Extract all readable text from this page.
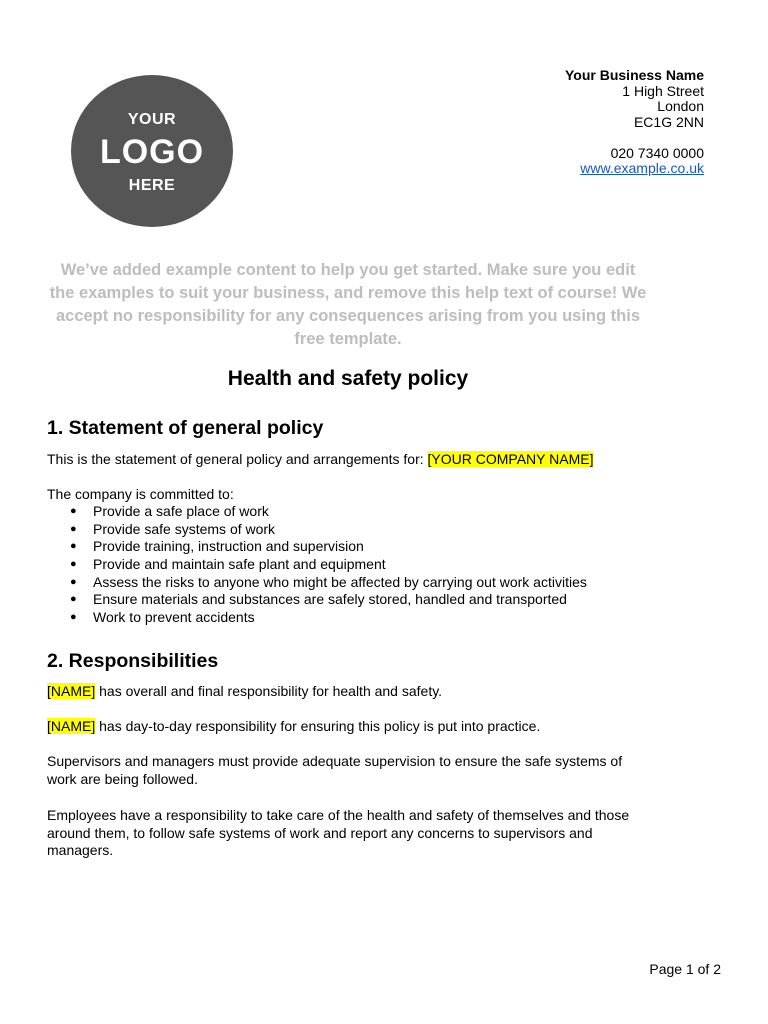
YOUR
LOGO
HERE
Your Business Name
1 High Street
London
EC1G 2NN
020 7340 0000
www.example.co.uk
We’ve added example content to help you get started. Make sure you edit the examples to suit your business, and remove this help text of course! We accept no responsibility for any consequences arising from you using this free template.
Health and safety policy
1. Statement of general policy

This is the statement of general policy and arrangements for: [YOUR COMPANY NAME]

The company is committed to:

● Provide a safe place of work
● Provide safe systems of work
● Provide training, instruction and supervision
● Provide and maintain safe plant and equipment
● Assess the risks to anyone who might be affected by carrying out work activities
● Ensure materials and substances are safely stored, handled and transported
● Work to prevent accidents
2. Responsibilities

[NAME] has overall and final responsibility for health and safety.

[NAME] has day-to-day responsibility for ensuring this policy is put into practice.

Supervisors and managers must provide adequate supervision to ensure the safe systems of work are being followed.

Employees have a responsibility to take care of the health and safety of themselves and those around them, to follow safe systems of work and report any concerns to supervisors and managers.

Page 1 of 2
